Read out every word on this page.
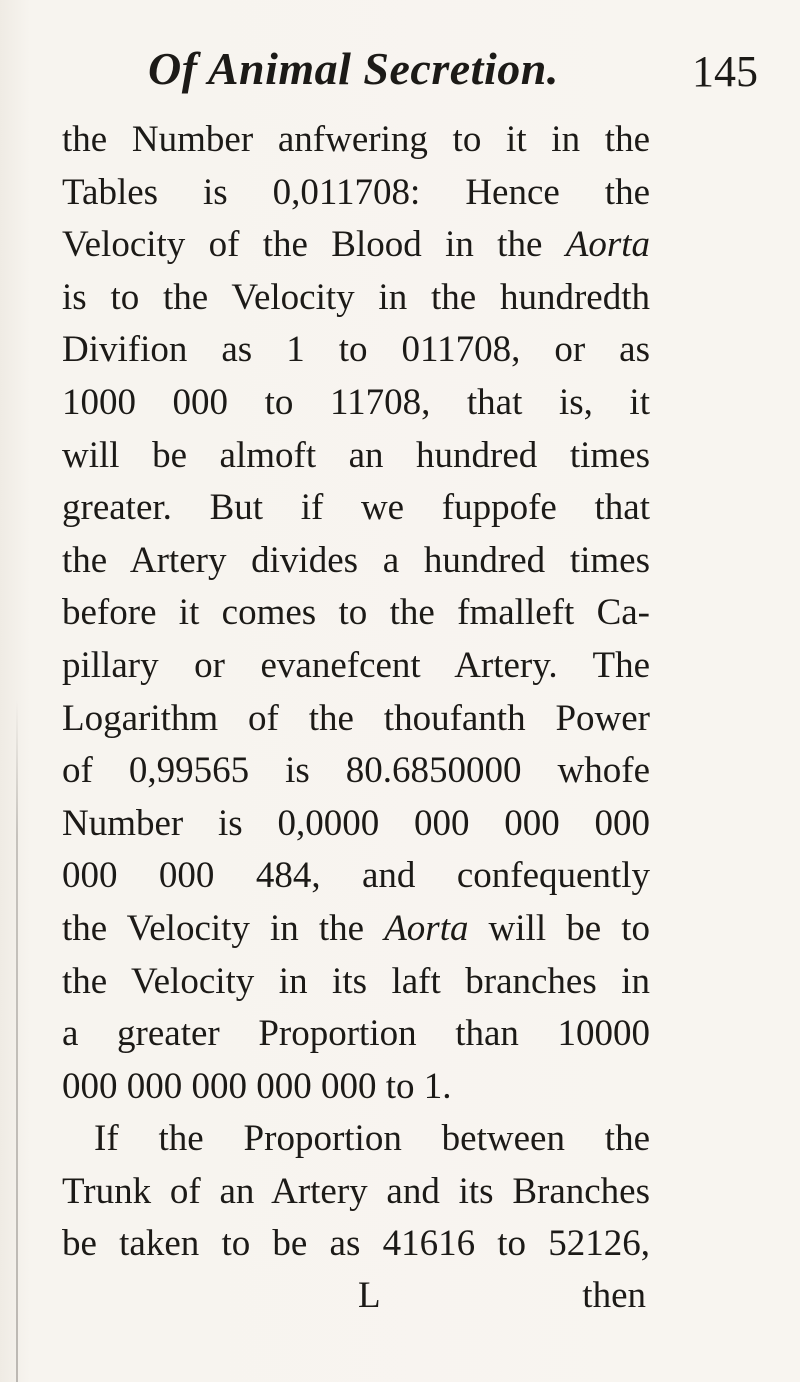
Of Animal Secretion.	145
the Number anfwering to it in the
Tables is 0,011708: Hence the
Velocity of the Blood in the Aorta
is to the Velocity in the hundredth
Divifion as 1 to 011708, or as
1000 000 to 11708, that is, it
will be almoft an hundred times
greater. But if we fuppofe that
the Artery divides a hundred times
before it comes to the fmalleft Ca-
pillary or evanefcent Artery. The
Logarithm of the thoufanth Power
of 0,99565 is 80.6850000 whofe
Number is 0,0000 000 000 000
000 000 484, and confequently
the Velocity in the Aorta will be to
the Velocity in its laft branches in
a greater Proportion than 10000
000 000 000 000 000 to 1.
If the Proportion between the
Trunk of an Artery and its Branches
be taken to be as 41616 to 52126,
L	then
